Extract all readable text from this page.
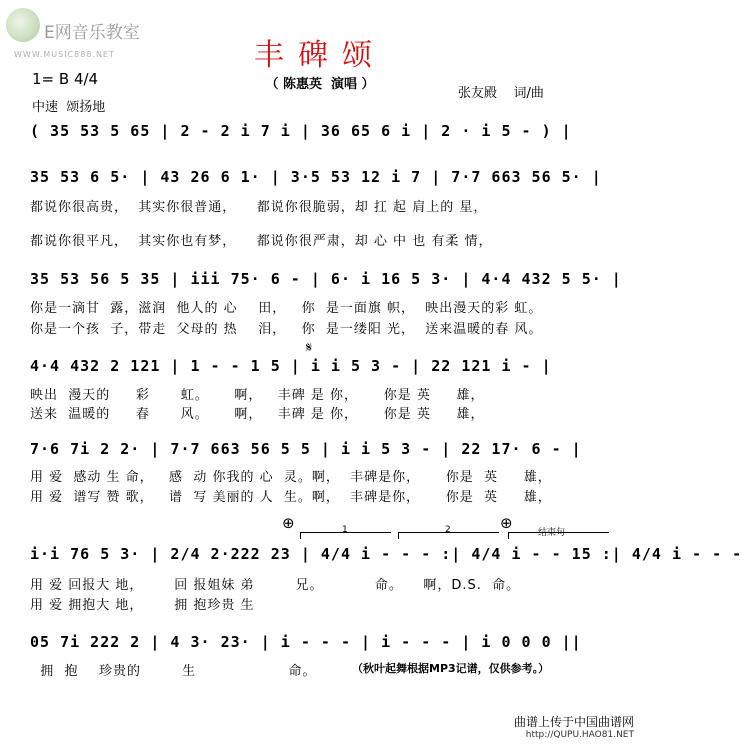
E网音乐教室

WWW.MUSIC888.NET	丰碑颂
（ 陈惠英  演唱 ）
1= B 4/4
中速  颂扬地
张友殿    词/曲
( 35 53 5 65 | 2 - 2 i 7 i | 36 65 6 i | 2 · i 5 - ) |
35 53 6 5· | 43 26 6 1· | 3·5 53 12 i 7 | 7·7 663 56 5· |
都说你很高贵，  其实你很普通，    都说你很脆弱，却 扛 起 肩上的 星，
都说你很平凡，  其实你也有梦，    都说你很严肃，却 心 中 也 有柔 情，
35 53 56 5 35 | iii 75· 6 - | 6· i 16 5 3· | 4·4 432 5 5· |
你是一滴甘  露，滋润  他人的 心    田，   你  是一面旗 帜，  映出漫天的彩 虹。
你是一个孩  子，带走  父母的 热    泪，   你  是一缕阳 光，  送来温暖的春 风。
𝄋
4·4 432 2 121 | 1 - - 1 5 | i i 5 3 - | 22 121 i - |
映出  漫天的     彩      虹。     啊，   丰碑 是 你，     你是 英     雄，
送来  温暖的     春      风。     啊，   丰碑 是 你，     你是 英     雄，
7·6 7i 2 2· | 7·7 663 56 5 5 | i i 5 3 - | 22 17· 6 - |
用 爱  感动 生 命，   感  动 你我的 心  灵。啊，  丰碑是你，     你是  英     雄，
用 爱  谱写 赞 歌，   谱  写 美丽的 人  生。啊，  丰碑是你，     你是  英     雄，
⊕	⊕
1	2	结束句
i·i 76 5 3· | 2/4 2·222 23 | 4/4 i - - - :| 4/4 i - - 15 :| 4/4 i - - -
用 爱 回报大 地，      回 报姐妹 弟        兄。          命。    啊，D.S.  命。
用 爱 拥抱大 地，      拥 抱珍贵 生
05 7i 222 2 | 4 3· 23· | i - - - | i - - - | i 0 0 0 ||
拥  抱    珍贵的        生                  命。	（秋叶起舞根据MP3记谱，仅供参考。）
曲谱上传于中国曲谱网
http://QUPU.HAO81.NET
